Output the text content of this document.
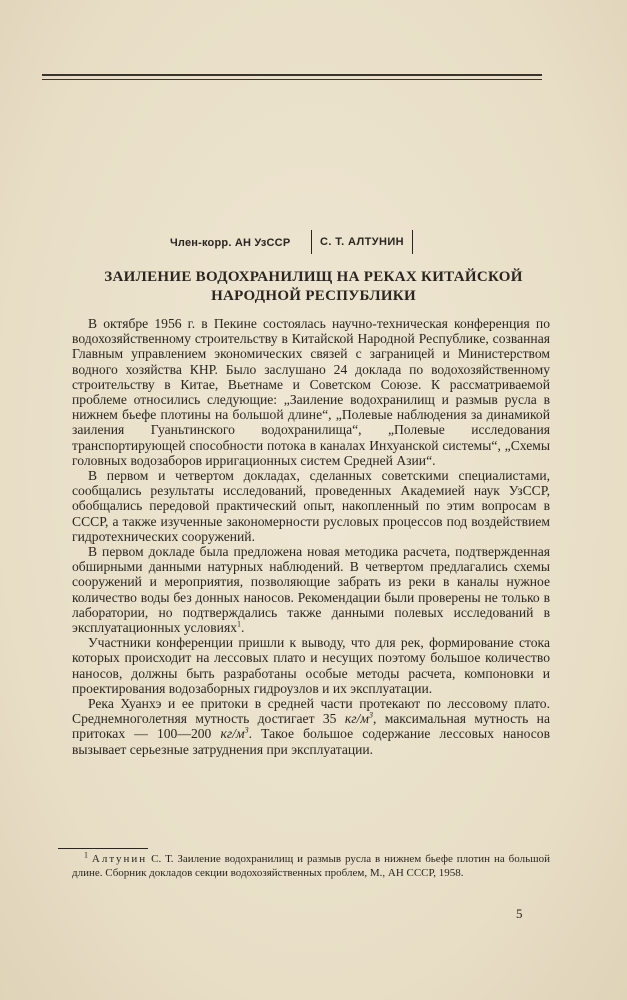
Член-корр. АН УзССР	С. Т. АЛТУНИН
ЗАИЛЕНИЕ ВОДОХРАНИЛИЩ НА РЕКАХ КИТАЙСКОЙ
НАРОДНОЙ РЕСПУБЛИКИ

В октябре 1956 г. в Пекине состоялась научно-техническая конференция по водохозяйственному строительству в Китайской Народной Республике, созванная Главным управлением экономических связей с заграницей и Министерством водного хозяйства КНР. Было заслушано 24 доклада по водохозяйственному строительству в Китае, Вьетнаме и Советском Союзе. К рассматриваемой проблеме относились следующие: „Заиление водохранилищ и размыв русла в нижнем бьефе плотины на большой длине“, „Полевые наблюдения за динамикой заиления Гуаньтинского водохранилища“, „Полевые исследования транспортирующей способности потока в каналах Инхуанской системы“, „Схемы головных водозаборов ирригационных систем Средней Азии“.

В первом и четвертом докладах, сделанных советскими специалистами, сообщались результаты исследований, проведенных Академией наук УзССР, обобщались передовой практический опыт, накопленный по этим вопросам в СССР, а также изученные закономерности русловых процессов под воздействием гидротехнических сооружений.

В первом докладе была предложена новая методика расчета, подтвержденная обширными данными натурных наблюдений. В четвертом предлагались схемы сооружений и мероприятия, позволяющие забрать из реки в каналы нужное количество воды без донных наносов. Рекомендации были проверены не только в лаборатории, но подтверждались также данными полевых исследований в эксплуатационных условиях$^1$.

Участники конференции пришли к выводу, что для рек, формирование стока которых происходит на лессовых плато и несущих поэтому большое количество наносов, должны быть разработаны особые методы расчета, компоновки и проектирования водозаборных гидроузлов и их эксплуатации.

Река Хуанхэ и ее притоки в средней части протекают по лессовому плато. Среднемноголетняя мутность достигает 35 $кг/м^3$, максимальная мутность на притоках — 100—200 $кг/м^3$. Такое большое содержание лессовых наносов вызывает серьезные затруднения при эксплуатации.

$^1$ Алтунин С. Т. Заиление водохранилищ и размыв русла в нижнем бьефе плотин на большой длине. Сборник докладов секции водохозяйственных проблем, М., АН СССР, 1958.

5
